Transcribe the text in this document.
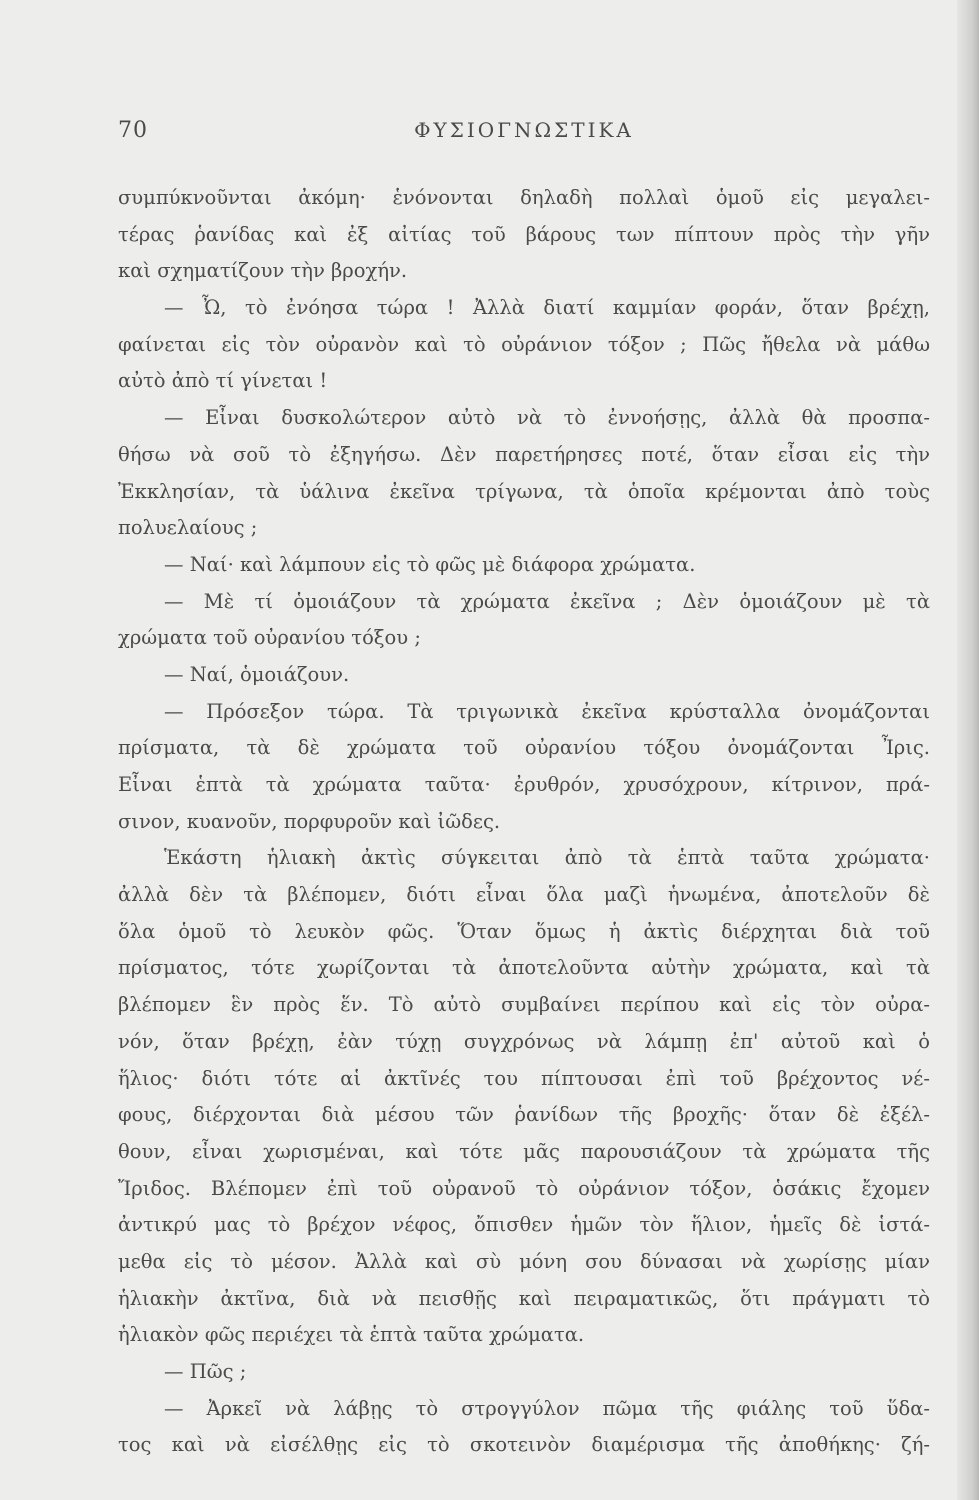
70	ΦΥΣΙΟΓΝΩΣΤΙΚΑ
συμπύκνοῦνται ἀκόμη· ἑνόνονται δηλαδὴ πολλαὶ ὁμοῦ εἰς μεγαλει-
τέρας ῥανίδας καὶ ἐξ αἰτίας τοῦ βάρους των πίπτουν πρὸς τὴν γῆν
καὶ σχηματίζουν τὴν βροχήν.
— Ὦ, τὸ ἐνόησα τώρα ! Ἀλλὰ διατί καμμίαν φοράν, ὅταν βρέχῃ,
φαίνεται εἰς τὸν οὐρανὸν καὶ τὸ οὐράνιον τόξον ; Πῶς ἤθελα νὰ μάθω
αὐτὸ ἀπὸ τί γίνεται !
— Εἶναι δυσκολώτερον αὐτὸ νὰ τὸ ἐννοήσῃς, ἀλλὰ θὰ προσπα-
θήσω νὰ σοῦ τὸ ἐξηγήσω. Δὲν παρετήρησες ποτέ, ὅταν εἶσαι εἰς τὴν
Ἐκκλησίαν, τὰ ὑάλινα ἐκεῖνα τρίγωνα, τὰ ὁποῖα κρέμονται ἀπὸ τοὺς
πολυελαίους ;
— Ναί· καὶ λάμπουν εἰς τὸ φῶς μὲ διάφορα χρώματα.
— Μὲ τί ὁμοιάζουν τὰ χρώματα ἐκεῖνα ; Δὲν ὁμοιάζουν μὲ τὰ
χρώματα τοῦ οὐρανίου τόξου ;
— Ναί, ὁμοιάζουν.
— Πρόσεξον τώρα. Τὰ τριγωνικὰ ἐκεῖνα κρύσταλλα ὀνομάζονται
πρίσματα, τὰ δὲ χρώματα τοῦ οὐρανίου τόξου ὀνομάζονται Ἶρις.
Εἶναι ἑπτὰ τὰ χρώματα ταῦτα· ἐρυθρόν, χρυσόχρουν, κίτρινον, πρά-
σινον, κυανοῦν, πορφυροῦν καὶ ἰῶδες.
Ἑκάστη ἡλιακὴ ἀκτὶς σύγκειται ἀπὸ τὰ ἑπτὰ ταῦτα χρώματα·
ἀλλὰ δὲν τὰ βλέπομεν, διότι εἶναι ὅλα μαζὶ ἡνωμένα, ἀποτελοῦν δὲ
ὅλα ὁμοῦ τὸ λευκὸν φῶς. Ὅταν ὅμως ἡ ἀκτὶς διέρχηται διὰ τοῦ
πρίσματος, τότε χωρίζονται τὰ ἀποτελοῦντα αὐτὴν χρώματα, καὶ τὰ
βλέπομεν ἓν πρὸς ἕν. Τὸ αὐτὸ συμβαίνει περίπου καὶ εἰς τὸν οὐρα-
νόν, ὅταν βρέχῃ, ἐὰν τύχῃ συγχρόνως νὰ λάμπῃ ἐπ' αὐτοῦ καὶ ὁ
ἥλιος· διότι τότε αἱ ἀκτῖνές του πίπτουσαι ἐπὶ τοῦ βρέχοντος νέ-
φους, διέρχονται διὰ μέσου τῶν ῥανίδων τῆς βροχῆς· ὅταν δὲ ἐξέλ-
θουν, εἶναι χωρισμέναι, καὶ τότε μᾶς παρουσιάζουν τὰ χρώματα τῆς
Ἴριδος. Βλέπομεν ἐπὶ τοῦ οὐρανοῦ τὸ οὐράνιον τόξον, ὁσάκις ἔχομεν
ἀντικρύ μας τὸ βρέχον νέφος, ὄπισθεν ἡμῶν τὸν ἥλιον, ἡμεῖς δὲ ἱστά-
μεθα εἰς τὸ μέσον. Ἀλλὰ καὶ σὺ μόνη σου δύνασαι νὰ χωρίσῃς μίαν
ἡλιακὴν ἀκτῖνα, διὰ νὰ πεισθῇς καὶ πειραματικῶς, ὅτι πράγματι τὸ
ἡλιακὸν φῶς περιέχει τὰ ἑπτὰ ταῦτα χρώματα.
— Πῶς ;
— Ἀρκεῖ νὰ λάβῃς τὸ στρογγύλον πῶμα τῆς φιάλης τοῦ ὕδα-
τος καὶ νὰ εἰσέλθῃς εἰς τὸ σκοτεινὸν διαμέρισμα τῆς ἀποθήκης· ζή-
